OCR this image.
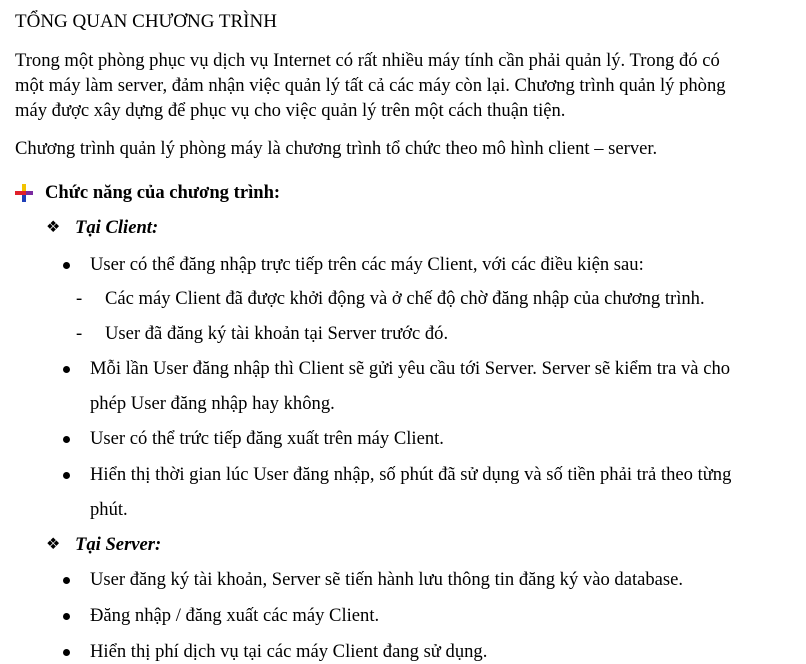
TỔNG QUAN CHƯƠNG TRÌNH
Trong một phòng phục vụ dịch vụ Internet có rất nhiều máy tính cần phải quản lý. Trong đó có
một máy làm server, đảm nhận việc quản lý tất cả các máy còn lại. Chương trình quản lý phòng
máy được xây dựng để phục vụ cho việc quản lý trên một cách thuận tiện.
Chương trình quản lý phòng máy là chương trình tổ chức theo mô hình client – server.
Chức năng của chương trình:
❖ Tại Client:
User có thể đăng nhập trực tiếp trên các máy Client, với các điều kiện sau:
- Các máy Client đã được khởi động và ở chế độ chờ đăng nhập của chương trình.
- User đã đăng ký tài khoản tại Server trước đó.
Mỗi lần User đăng nhập thì Client sẽ gửi yêu cầu tới Server. Server sẽ kiểm tra và cho
phép User đăng nhập hay không.
User có thể trức tiếp đăng xuất trên máy Client.
Hiển thị thời gian lúc User đăng nhập, số phút đã sử dụng và số tiền phải trả theo từng
phút.
❖ Tại Server:
User đăng ký tài khoản, Server sẽ tiến hành lưu thông tin đăng ký vào database.
Đăng nhập / đăng xuất các máy Client.
Hiển thị phí dịch vụ tại các máy Client đang sử dụng.
